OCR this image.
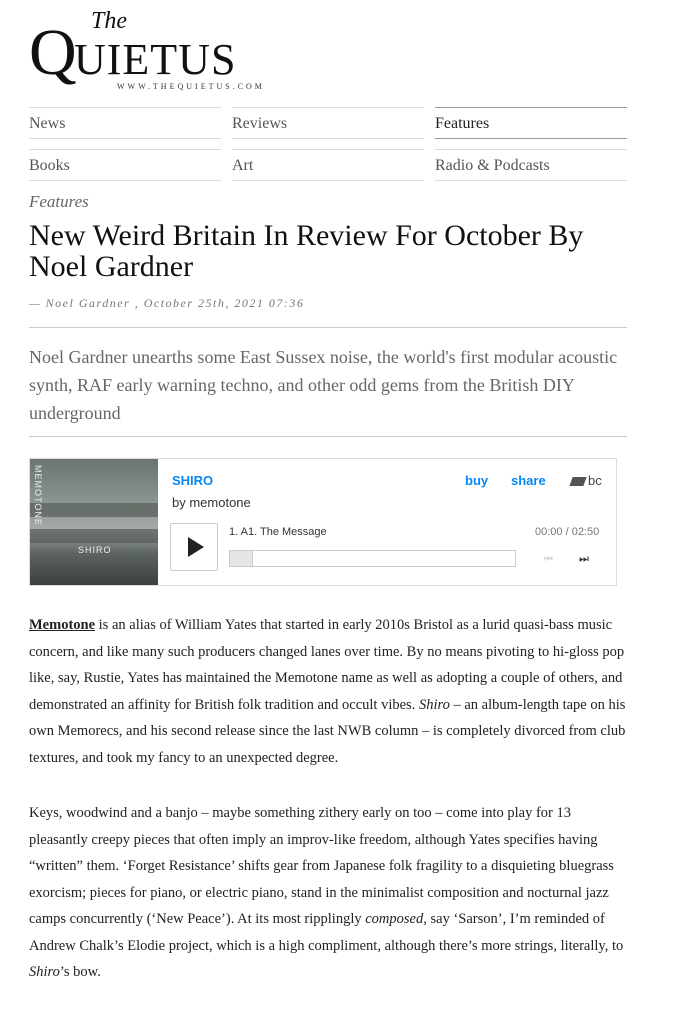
The
Q UIETUS
WWW.THEQUIETUS.COM
News	Reviews	Features
Books	Art	Radio & Podcasts
Features
New Weird Britain In Review For October By Noel Gardner
— Noel Gardner , October 25th, 2021 07:36

Noel Gardner unearths some East Sussex noise, the world's first modular acoustic synth, RAF early warning techno, and other odd gems from the British DIY underground

MEMOTONE
SHIRO
SHIRO
by memotone
buy share	bc
1. A1. The Message	00:00 / 02:50
⏮	⏭

Memotone is an alias of William Yates that started in early 2010s Bristol as a lurid quasi-bass music concern, and like many such producers changed lanes over time. By no means pivoting to hi-gloss pop like, say, Rustie, Yates has maintained the Memotone name as well as adopting a couple of others, and demonstrated an affinity for British folk tradition and occult vibes. Shiro – an album-length tape on his own Memorecs, and his second release since the last NWB column – is completely divorced from club textures, and took my fancy to an unexpected degree.

Keys, woodwind and a banjo – maybe something zithery early on too – come into play for 13 pleasantly creepy pieces that often imply an improv-like freedom, although Yates specifies having “written” them. ‘Forget Resistance’ shifts gear from Japanese folk fragility to a disquieting bluegrass exorcism; pieces for piano, or electric piano, stand in the minimalist composition and nocturnal jazz camps concurrently (‘New Peace’). At its most ripplingly composed, say ‘Sarson’, I’m reminded of Andrew Chalk’s Elodie project, which is a high compliment, although there’s more strings, literally, to Shiro’s bow.
